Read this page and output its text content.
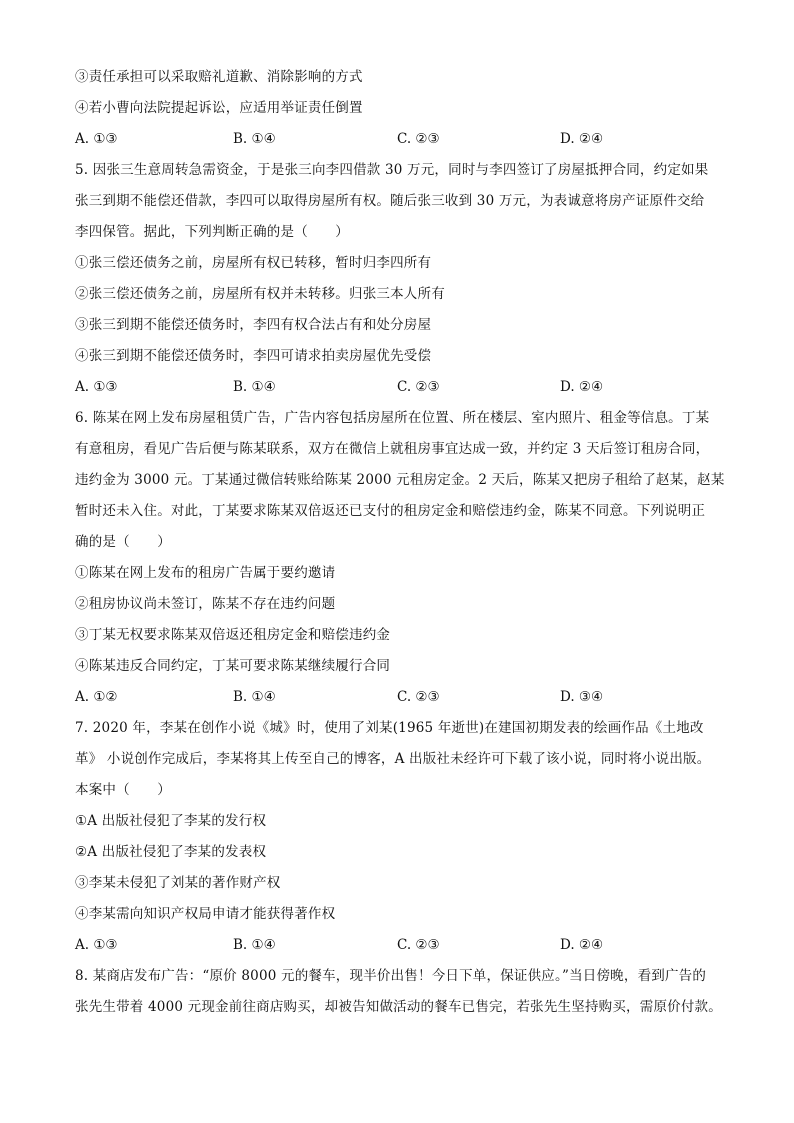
③责任承担可以采取赔礼道歉、消除影响的方式
④若小曹向法院提起诉讼，应适用举证责任倒置
A. ①③	B. ①④	C. ②③	D. ②④
5. 因张三生意周转急需资金，于是张三向李四借款 30 万元，同时与李四签订了房屋抵押合同，约定如果
张三到期不能偿还借款，李四可以取得房屋所有权。随后张三收到 30 万元，为表诚意将房产证原件交给
李四保管。据此，下列判断正确的是（　　）
①张三偿还债务之前，房屋所有权已转移，暂时归李四所有
②张三偿还债务之前，房屋所有权并未转移。归张三本人所有
③张三到期不能偿还债务时，李四有权合法占有和处分房屋
④张三到期不能偿还债务时，李四可请求拍卖房屋优先受偿
A. ①③	B. ①④	C. ②③	D. ②④
6. 陈某在网上发布房屋租赁广告，广告内容包括房屋所在位置、所在楼层、室内照片、租金等信息。丁某
有意租房，看见广告后便与陈某联系，双方在微信上就租房事宜达成一致，并约定 3 天后签订租房合同，
违约金为 3000 元。丁某通过微信转账给陈某 2000 元租房定金。2 天后，陈某又把房子租给了赵某，赵某
暂时还未入住。对此，丁某要求陈某双倍返还已支付的租房定金和赔偿违约金，陈某不同意。下列说明正
确的是（　　）
①陈某在网上发布的租房广告属于要约邀请
②租房协议尚未签订，陈某不存在违约问题
③丁某无权要求陈某双倍返还租房定金和赔偿违约金
④陈某违反合同约定，丁某可要求陈某继续履行合同
A. ①②	B. ①④	C. ②③	D. ③④
7. 2020 年，李某在创作小说《城》时，使用了刘某(1965 年逝世)在建国初期发表的绘画作品《土地改
革》 小说创作完成后，李某将其上传至自己的博客，A 出版社未经许可下载了该小说，同时将小说出版。
本案中（　　）
①A 出版社侵犯了李某的发行权
②A 出版社侵犯了李某的发表权
③李某未侵犯了刘某的著作财产权
④李某需向知识产权局申请才能获得著作权
A. ①③	B. ①④	C. ②③	D. ②④
8. 某商店发布广告：“原价 8000 元的餐车，现半价出售！今日下单，保证供应。”当日傍晚，看到广告的
张先生带着 4000 元现金前往商店购买，却被告知做活动的餐车已售完，若张先生坚持购买，需原价付款。
